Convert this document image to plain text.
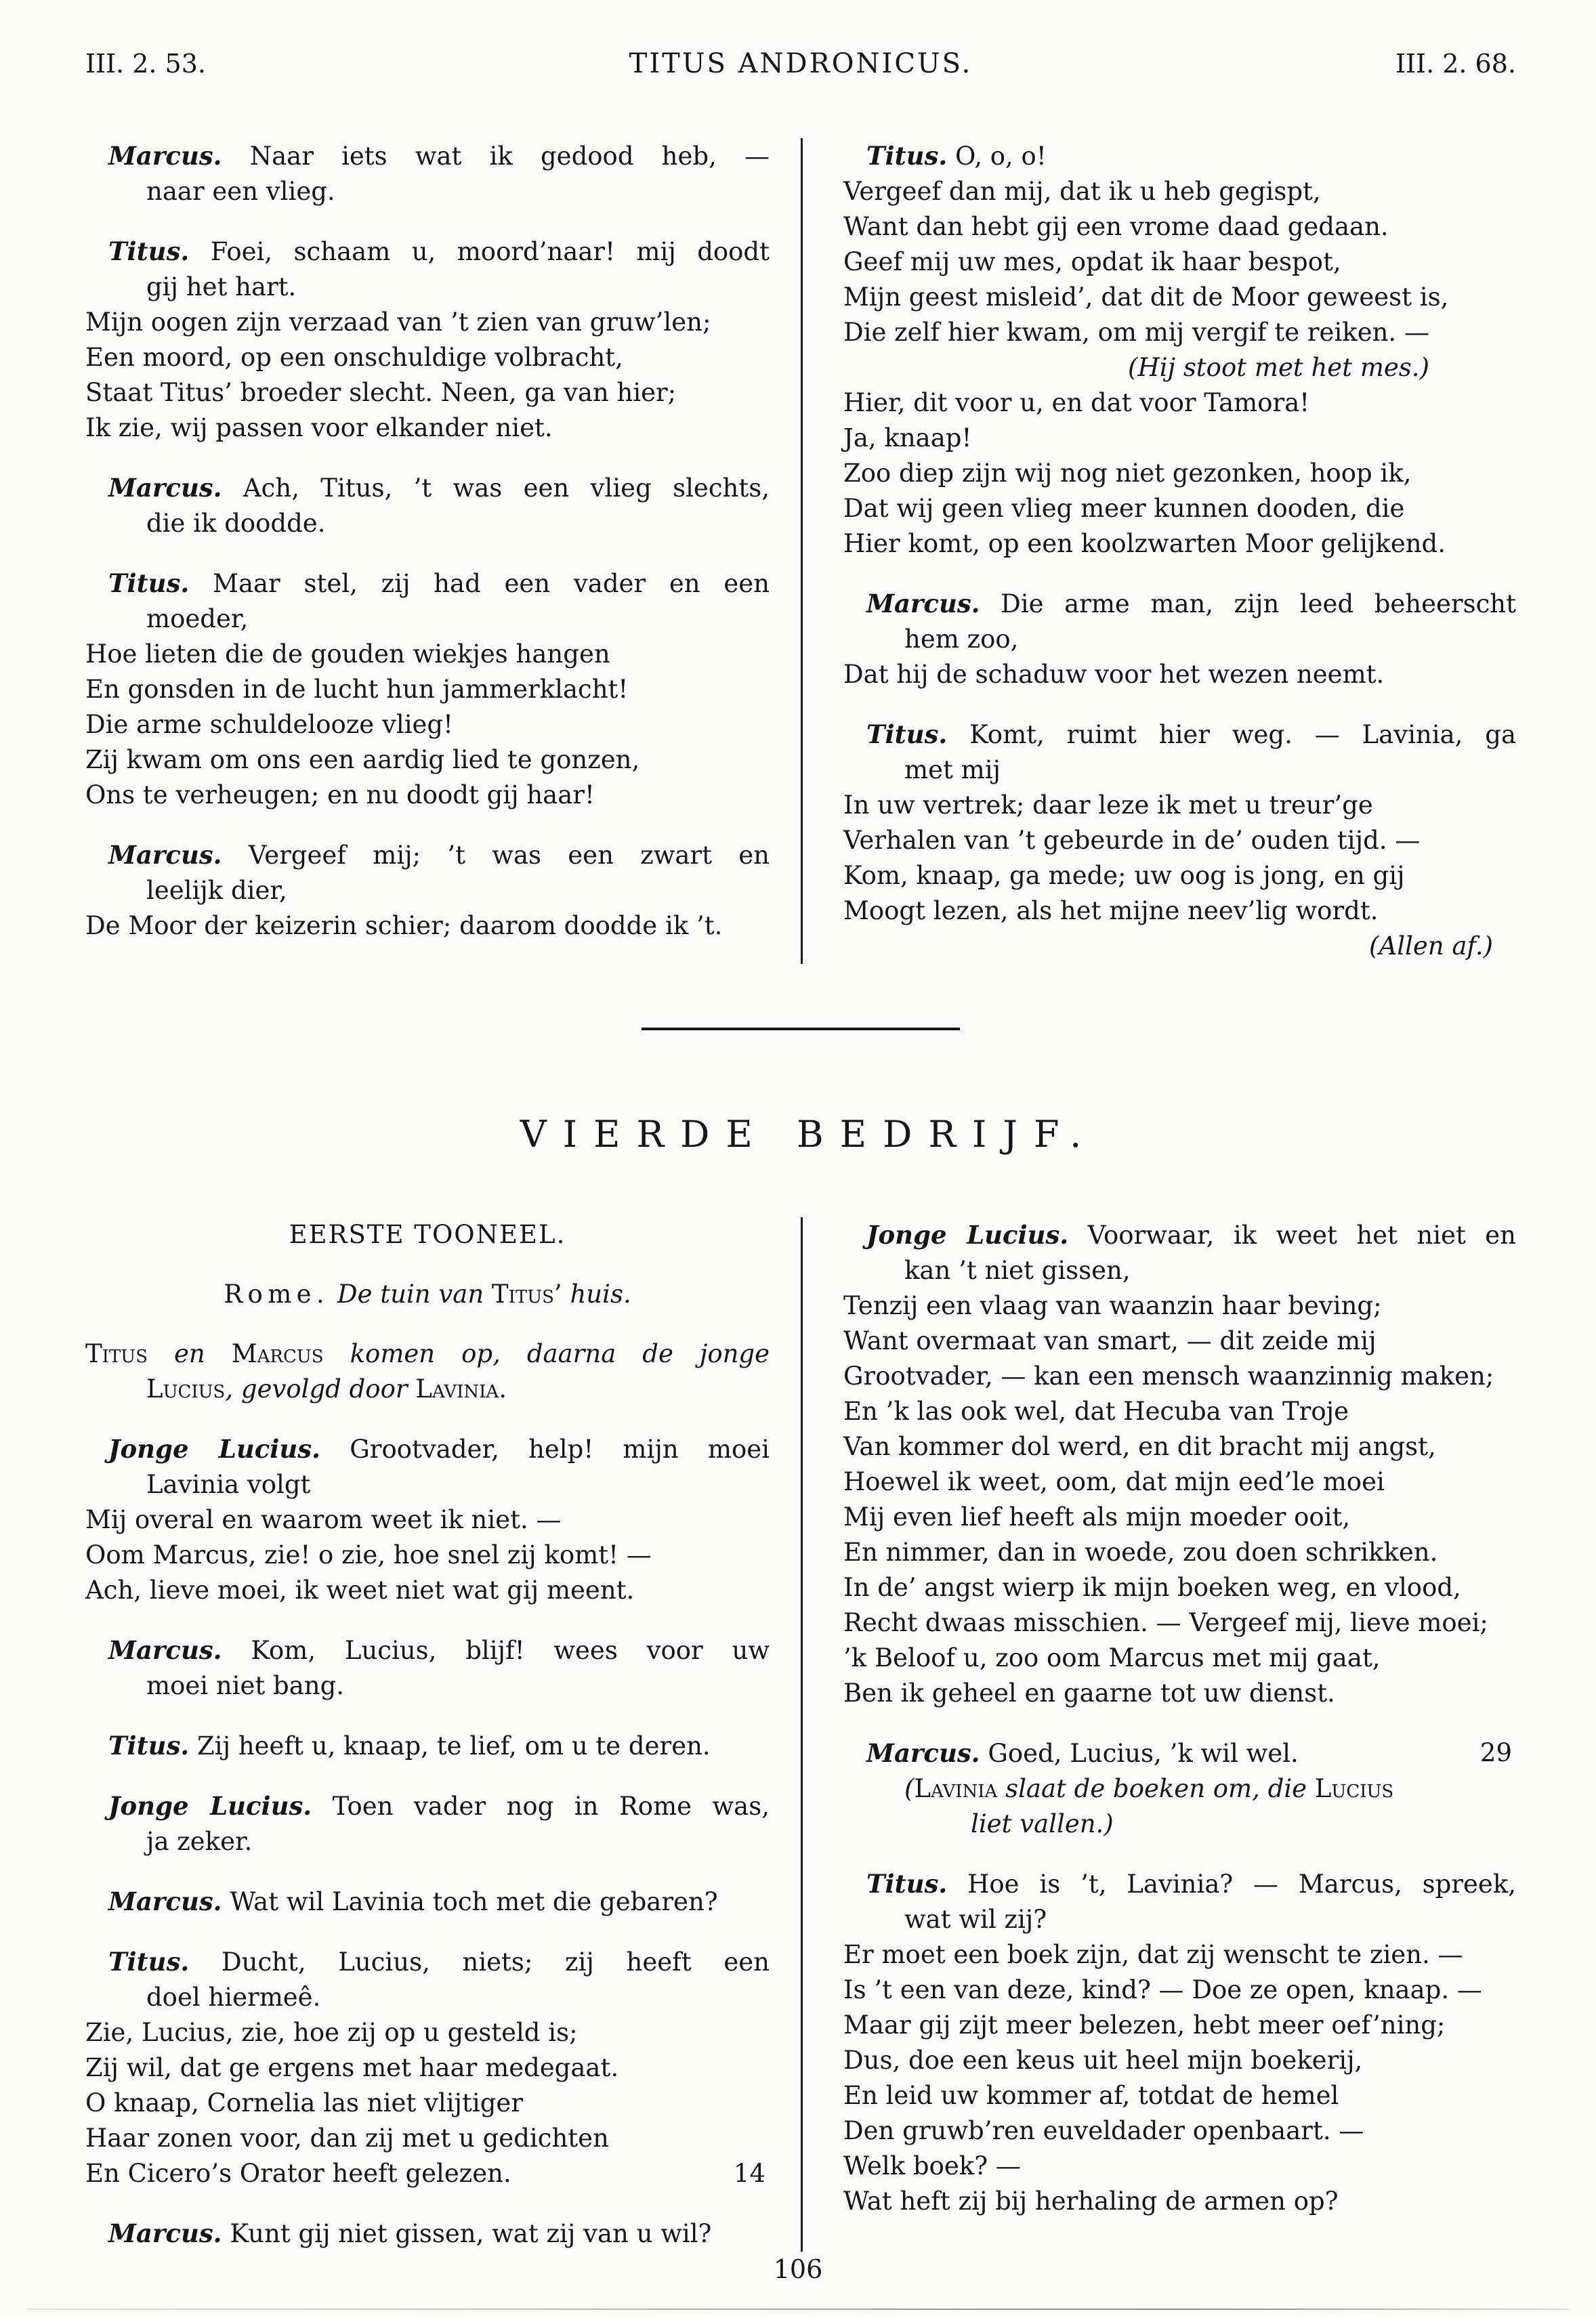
III. 2. 53.	TITUS ANDRONICUS.	III. 2. 68.
Marcus. Naar iets wat ik gedood heb, —
naar een vlieg.
Titus. Foei, schaam u, moord’naar! mij doodt
gij het hart.
Mijn oogen zijn verzaad van ’t zien van gruw’len;
Een moord, op een onschuldige volbracht,
Staat Titus’ broeder slecht. Neen, ga van hier;
Ik zie, wij passen voor elkander niet.
Marcus. Ach, Titus, ’t was een vlieg slechts,
die ik doodde.
Titus. Maar stel, zij had een vader en een
moeder,
Hoe lieten die de gouden wiekjes hangen
En gonsden in de lucht hun jammerklacht!
Die arme schuldelooze vlieg!
Zij kwam om ons een aardig lied te gonzen,
Ons te verheugen; en nu doodt gij haar!
Marcus. Vergeef mij; ’t was een zwart en
leelijk dier,
De Moor der keizerin schier; daarom doodde ik ’t.
Titus. O, o, o!
Vergeef dan mij, dat ik u heb gegispt,
Want dan hebt gij een vrome daad gedaan.
Geef mij uw mes, opdat ik haar bespot,
Mijn geest misleid’, dat dit de Moor geweest is,
Die zelf hier kwam, om mij vergif te reiken. —
(Hij stoot met het mes.)
Hier, dit voor u, en dat voor Tamora!
Ja, knaap!
Zoo diep zijn wij nog niet gezonken, hoop ik,
Dat wij geen vlieg meer kunnen dooden, die
Hier komt, op een koolzwarten Moor gelijkend.
Marcus. Die arme man, zijn leed beheerscht
hem zoo,
Dat hij de schaduw voor het wezen neemt.
Titus. Komt, ruimt hier weg. — Lavinia, ga
met mij
In uw vertrek; daar leze ik met u treur’ge
Verhalen van ’t gebeurde in de’ ouden tijd. —
Kom, knaap, ga mede; uw oog is jong, en gij
Moogt lezen, als het mijne neev’lig wordt.
(Allen af.)
VIERDE BEDRIJF.
EERSTE TOONEEL.
Rome. De tuin van Titus’ huis.
Titus en Marcus komen op, daarna de jonge
Lucius, gevolgd door Lavinia.
Jonge Lucius. Grootvader, help! mijn moei
Lavinia volgt
Mij overal en waarom weet ik niet. —
Oom Marcus, zie! o zie, hoe snel zij komt! —
Ach, lieve moei, ik weet niet wat gij meent.
Marcus. Kom, Lucius, blijf! wees voor uw
moei niet bang.
Titus. Zij heeft u, knaap, te lief, om u te deren.
Jonge Lucius. Toen vader nog in Rome was,
ja zeker.
Marcus. Wat wil Lavinia toch met die gebaren?
Titus. Ducht, Lucius, niets; zij heeft een
doel hiermeê.
Zie, Lucius, zie, hoe zij op u gesteld is;
Zij wil, dat ge ergens met haar medegaat.
O knaap, Cornelia las niet vlijtiger
Haar zonen voor, dan zij met u gedichten
En Cicero’s Orator heeft gelezen.	14
Marcus. Kunt gij niet gissen, wat zij van u wil?
Jonge Lucius. Voorwaar, ik weet het niet en
kan ’t niet gissen,
Tenzij een vlaag van waanzin haar beving;
Want overmaat van smart, — dit zeide mij
Grootvader, — kan een mensch waanzinnig maken;
En ’k las ook wel, dat Hecuba van Troje
Van kommer dol werd, en dit bracht mij angst,
Hoewel ik weet, oom, dat mijn eed’le moei
Mij even lief heeft als mijn moeder ooit,
En nimmer, dan in woede, zou doen schrikken.
In de’ angst wierp ik mijn boeken weg, en vlood,
Recht dwaas misschien. — Vergeef mij, lieve moei;
’k Beloof u, zoo oom Marcus met mij gaat,
Ben ik geheel en gaarne tot uw dienst.
Marcus. Goed, Lucius, ’k wil wel.	29
(Lavinia slaat de boeken om, die Lucius
liet vallen.)
Titus. Hoe is ’t, Lavinia? — Marcus, spreek,
wat wil zij?
Er moet een boek zijn, dat zij wenscht te zien. —
Is ’t een van deze, kind? — Doe ze open, knaap. —
Maar gij zijt meer belezen, hebt meer oef’ning;
Dus, doe een keus uit heel mijn boekerij,
En leid uw kommer af, totdat de hemel
Den gruwb’ren euveldader openbaart. —
Welk boek? —
Wat heft zij bij herhaling de armen op?
106
